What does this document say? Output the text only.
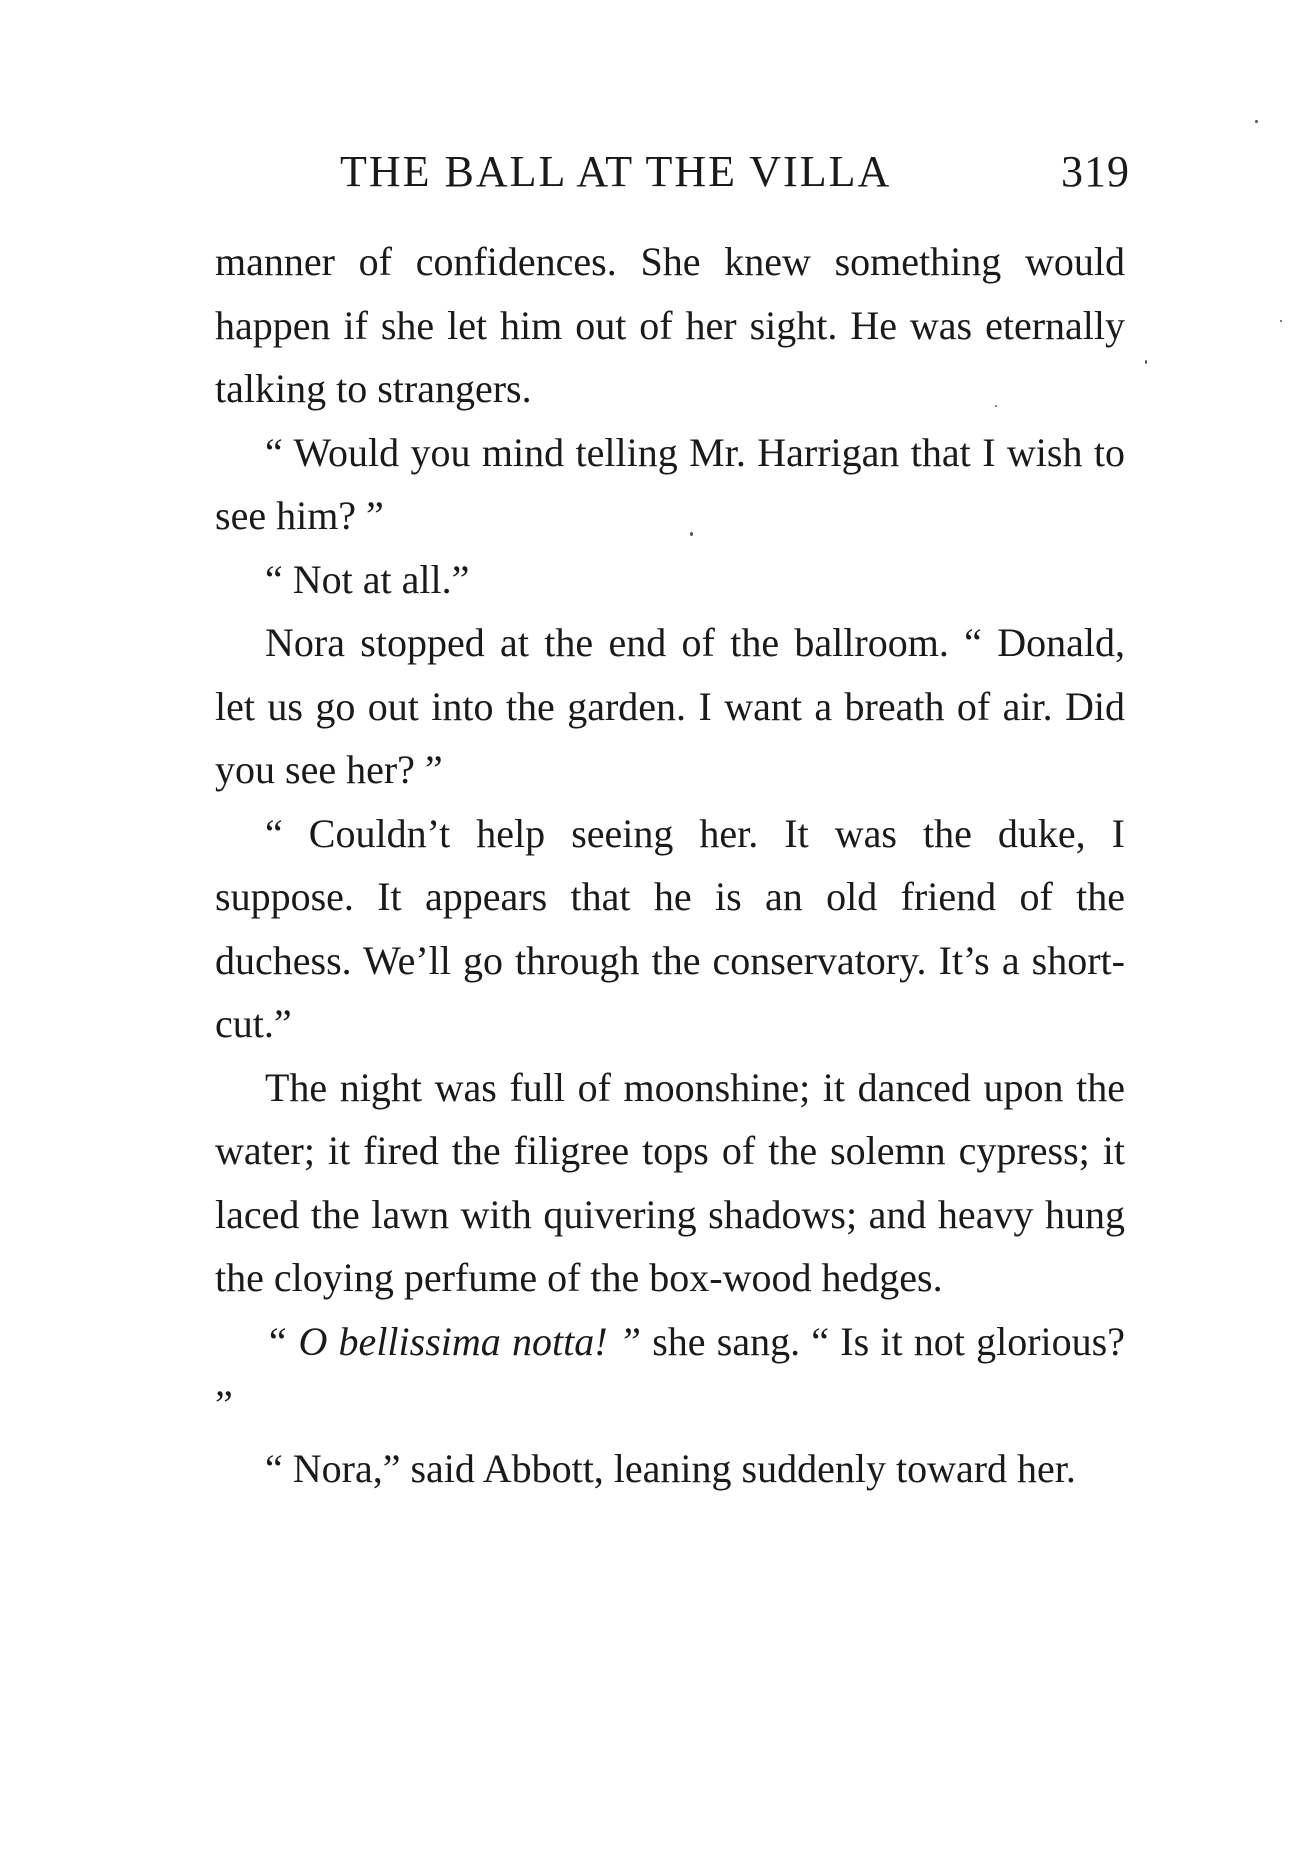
THE BALL AT THE VILLA	319

manner of confidences. She knew something would happen if she let him out of her sight. He was eternally talking to strangers.

“ Would you mind telling Mr. Harrigan that I wish to see him? ”

“ Not at all.”

Nora stopped at the end of the ballroom. “ Donald, let us go out into the garden. I want a breath of air. Did you see her? ”

“ Couldn’t help seeing her. It was the duke, I suppose. It appears that he is an old friend of the duchess. We’ll go through the conservatory. It’s a short-cut.”

The night was full of moonshine; it danced upon the water; it fired the filigree tops of the solemn cypress; it laced the lawn with quivering shadows; and heavy hung the cloying perfume of the box-wood hedges.

“ O bellissima notta! ” she sang. “ Is it not glorious? ”

“ Nora,” said Abbott, leaning suddenly toward her.
